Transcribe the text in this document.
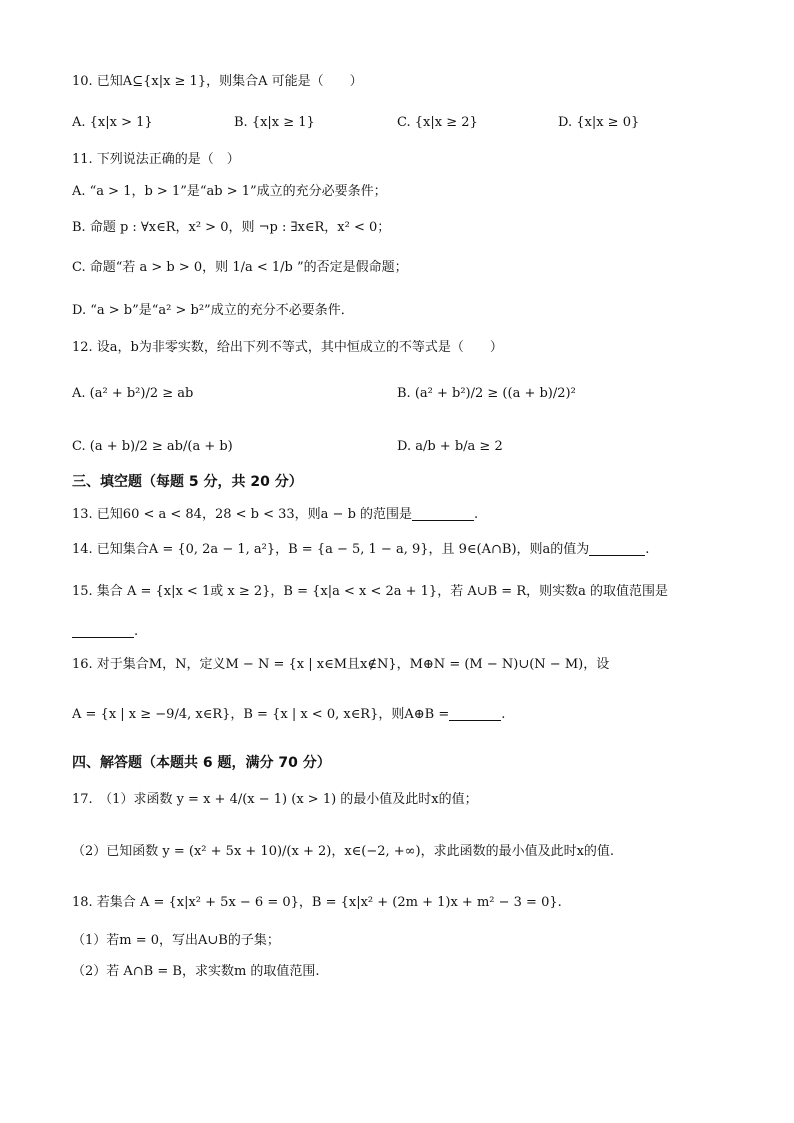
10. 已知A⊆{x|x ≥ 1}，则集合A 可能是（　　）
A. {x|x > 1}	B. {x|x ≥ 1}	C. {x|x ≥ 2}	D. {x|x ≥ 0}
11. 下列说法正确的是（　）
A. “a > 1，b > 1”是“ab > 1”成立的充分必要条件；
B. 命题 p : ∀x∈R，x² > 0，则 ¬p : ∃x∈R，x² < 0；
C. 命题“若 a > b > 0，则 1/a < 1/b ”的否定是假命题；
D. “a > b”是“a² > b²”成立的充分不必要条件．
12. 设a，b为非零实数，给出下列不等式，其中恒成立的不等式是（　　）
A. (a² + b²)/2 ≥ ab	B. (a² + b²)/2 ≥ ((a + b)/2)²
C. (a + b)/2 ≥ ab/(a + b)	D. a/b + b/a ≥ 2
三、填空题（每题 5 分，共 20 分）
13. 已知60 < a < 84，28 < b < 33，则a − b 的范围是	.
14. 已知集合A = {0, 2a − 1, a²}，B = {a − 5, 1 − a, 9}，且 9∈(A∩B)，则a的值为	.
15. 集合 A = {x|x < 1或 x ≥ 2}，B = {x|a < x < 2a + 1}，若 A∪B = R，则实数a 的取值范围是
.
16. 对于集合M，N，定义M − N = {x | x∈M且x∉N}，M⊕N = (M − N)∪(N − M)，设
A = {x | x ≥ −9/4, x∈R}，B = {x | x < 0, x∈R}，则A⊕B =	.
四、解答题（本题共 6 题，满分 70 分）
17.　（1）求函数 y = x + 4/(x − 1) (x > 1) 的最小值及此时x的值；
（2）已知函数 y = (x² + 5x + 10)/(x + 2)，x∈(−2, +∞)，求此函数的最小值及此时x的值.
18. 若集合 A = {x|x² + 5x − 6 = 0}，B = {x|x² + (2m + 1)x + m² − 3 = 0}.
（1）若m = 0，写出A∪B的子集；
（2）若 A∩B = B，求实数m 的取值范围.
